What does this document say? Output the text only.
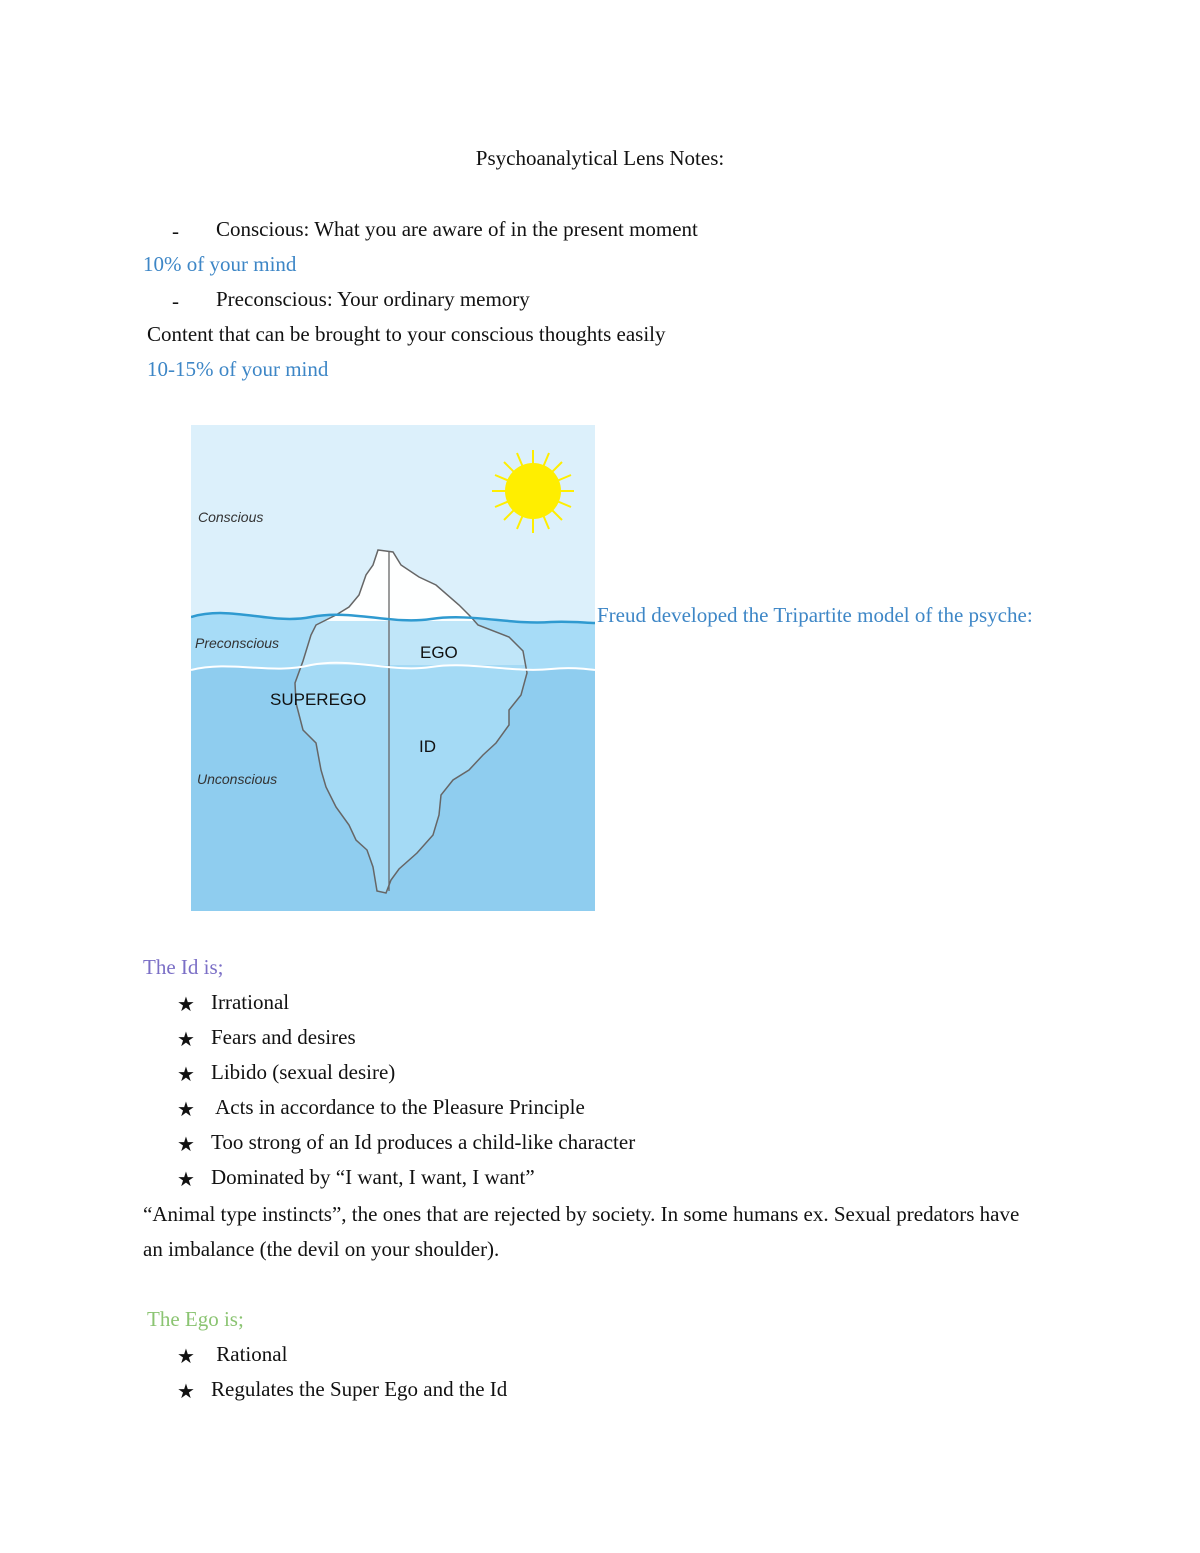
Psychoanalytical Lens Notes:
- Conscious: What you are aware of in the present moment
10% of your mind
- Preconscious: Your ordinary memory
Content that can be brought to your conscious thoughts easily
10-15% of your mind
Conscious
Preconscious
Unconscious
EGO
SUPEREGO
ID
Freud developed the Tripartite model of the psyche:
The Id is;
★ Irrational
★ Fears and desires
★ Libido (sexual desire)
★ Acts in accordance to the Pleasure Principle
★ Too strong of an Id produces a child-like character
★ Dominated by “I want, I want, I want”
“Animal type instincts”, the ones that are rejected by society. In some humans ex. Sexual predators have
an imbalance (the devil on your shoulder).
The Ego is;
★ Rational
★ Regulates the Super Ego and the Id
